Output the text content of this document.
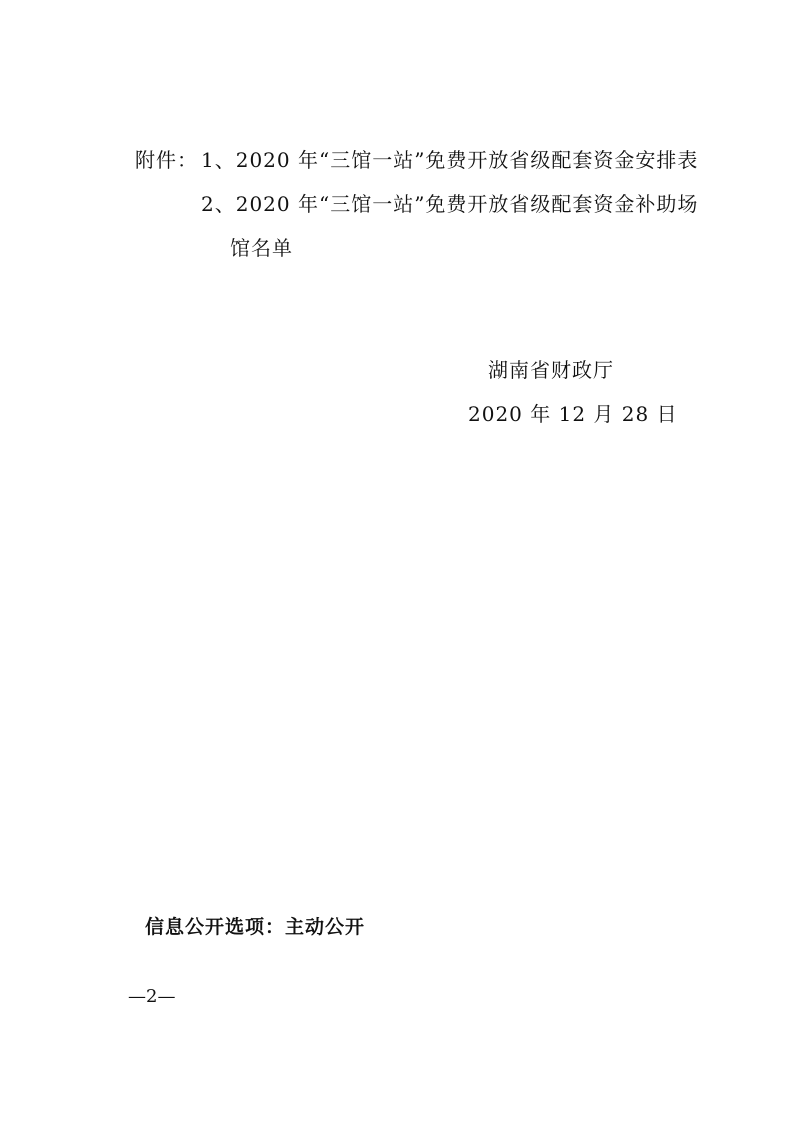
附件： 1、2020 年“三馆一站”免费开放省级配套资金安排表
2、2020 年“三馆一站”免费开放省级配套资金补助场
馆名单
湖南省财政厅
2020 年 12 月 28 日
信息公开选项：主动公开
—2—
